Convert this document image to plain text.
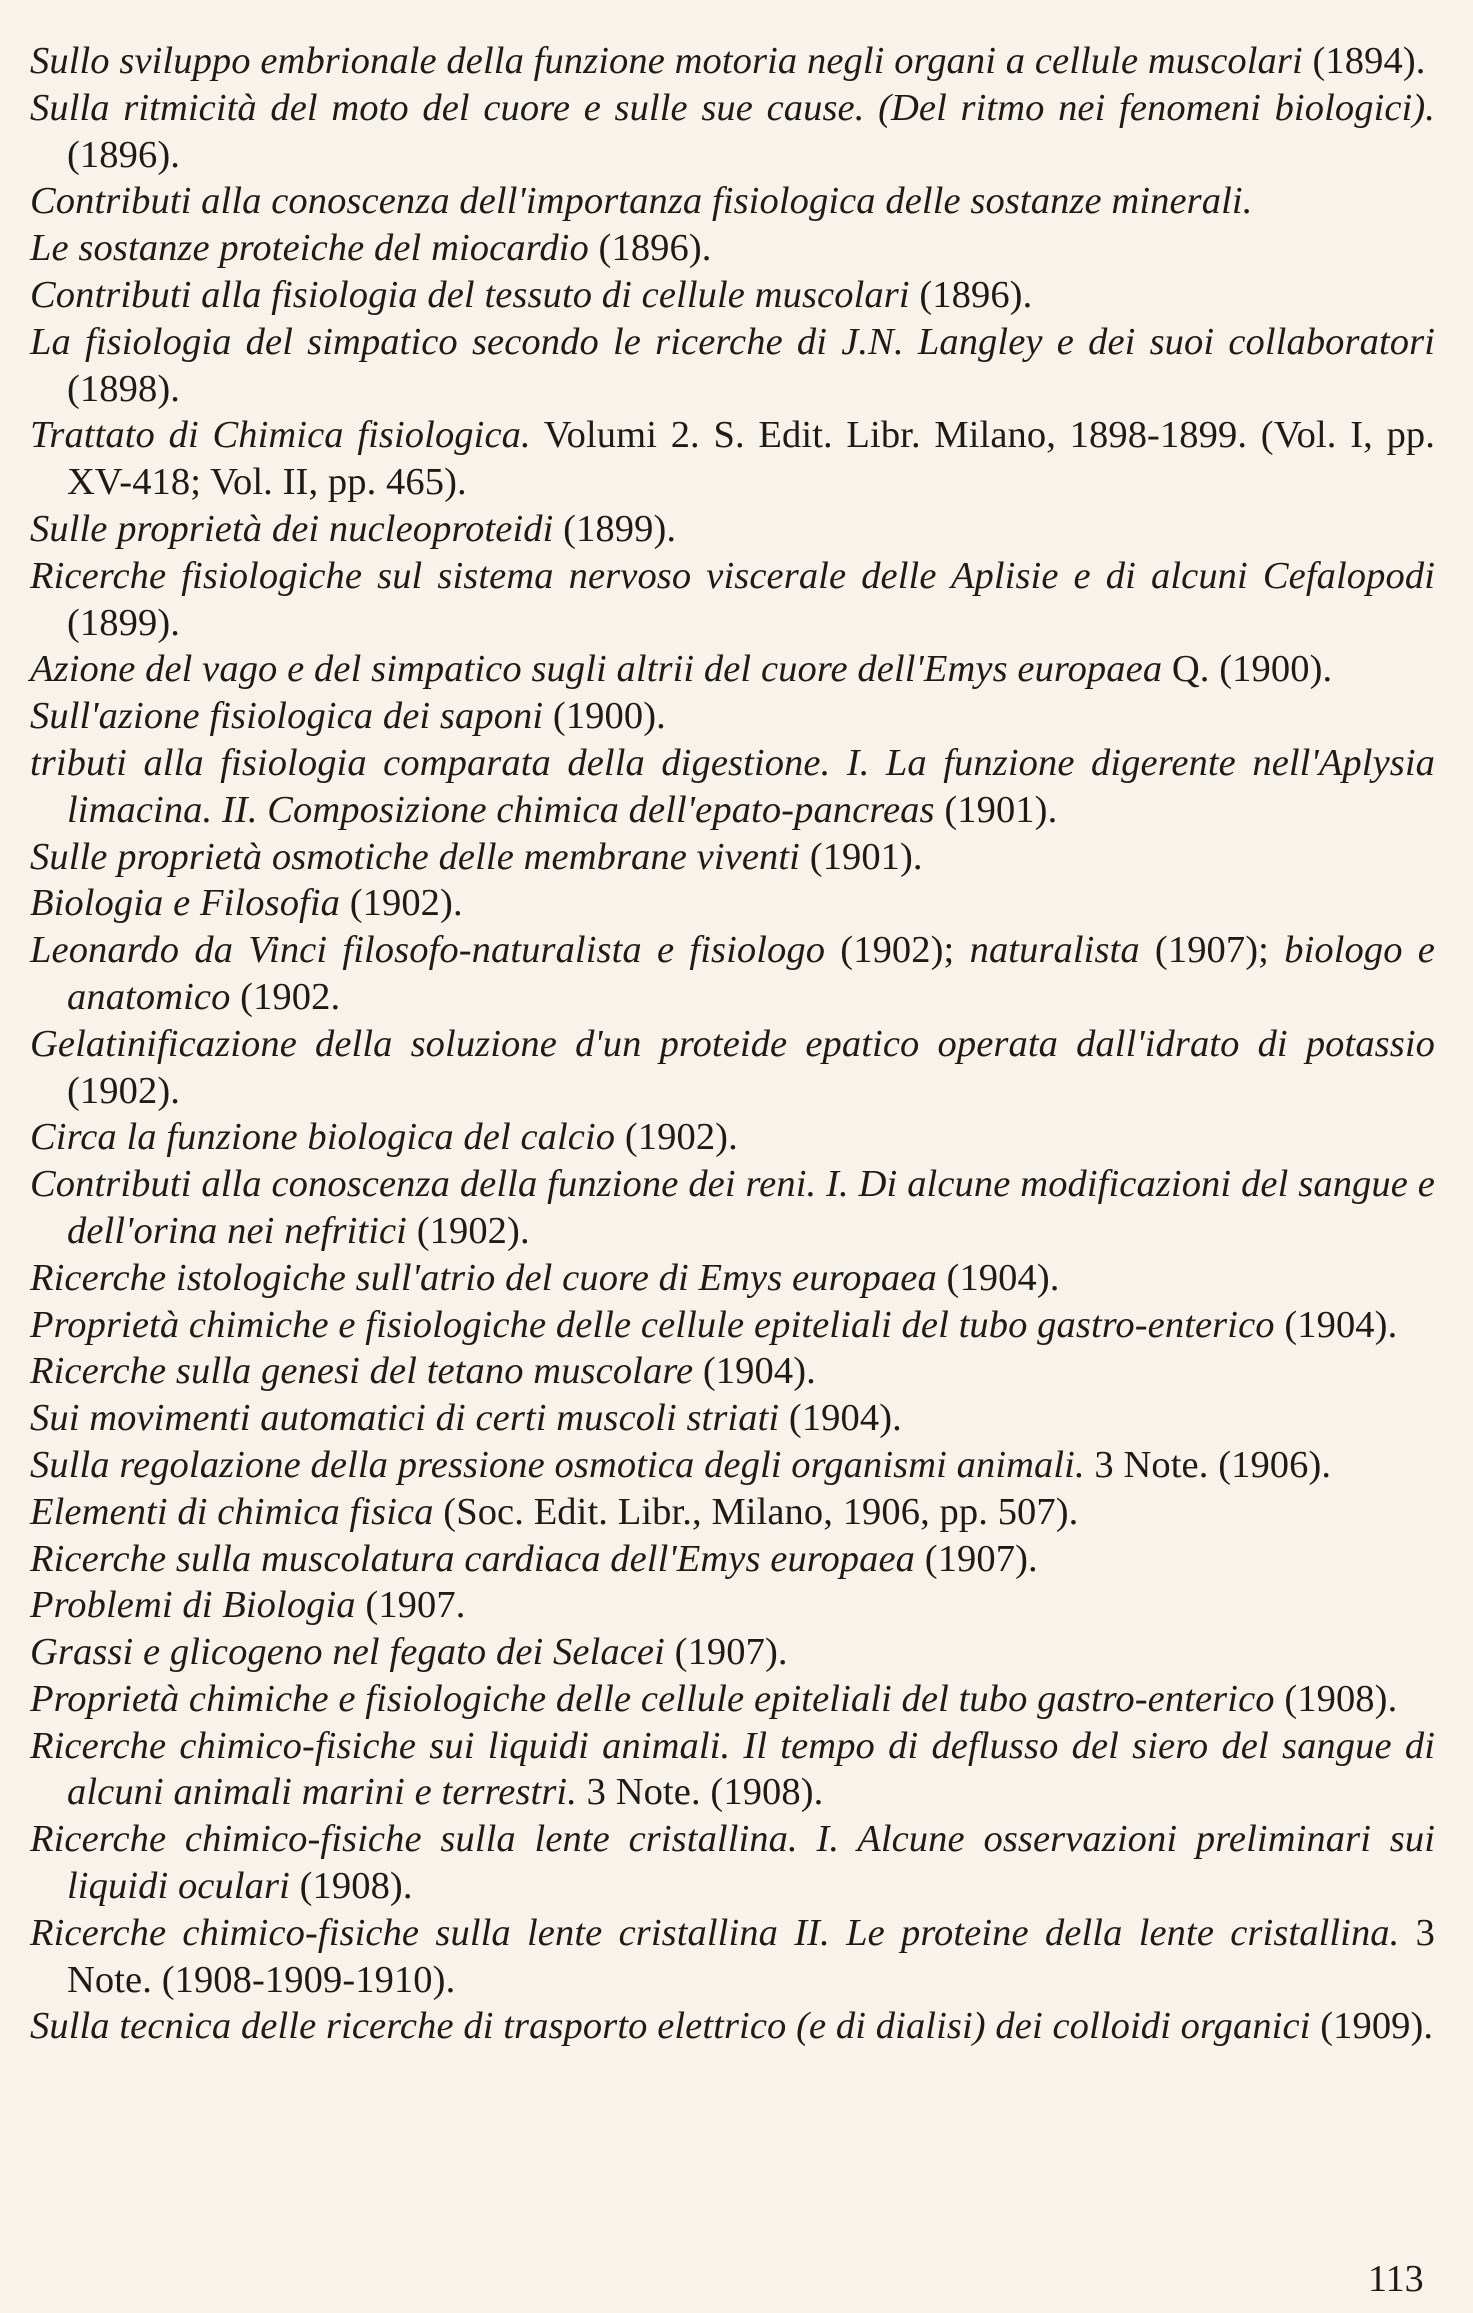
Sullo sviluppo embrionale della funzione motoria negli organi a cellule muscolari (1894).
Sulla ritmicità del moto del cuore e sulle sue cause. (Del ritmo nei fenomeni biologici). (1896).
Contributi alla conoscenza dell'importanza fisiologica delle sostanze minerali.
Le sostanze proteiche del miocardio (1896).
Contributi alla fisiologia del tessuto di cellule muscolari (1896).
La fisiologia del simpatico secondo le ricerche di J.N. Langley e dei suoi collaboratori (1898).
Trattato di Chimica fisiologica. Volumi 2. S. Edit. Libr. Milano, 1898-1899. (Vol. I, pp. XV-418; Vol. II, pp. 465).
Sulle proprietà dei nucleoproteidi (1899).
Ricerche fisiologiche sul sistema nervoso viscerale delle Aplisie e di alcuni Cefalopodi (1899).
Azione del vago e del simpatico sugli altrii del cuore dell'Emys europaea Q. (1900).
Sull'azione fisiologica dei saponi (1900).
tributi alla fisiologia comparata della digestione. I. La funzione digerente nell'Aplysia limacina. II. Composizione chimica dell'epato-pancreas (1901).
Sulle proprietà osmotiche delle membrane viventi (1901).
Biologia e Filosofia (1902).
Leonardo da Vinci filosofo-naturalista e fisiologo (1902); naturalista (1907); biologo e anatomico (1902.
Gelatinificazione della soluzione d'un proteide epatico operata dall'idrato di potassio (1902).
Circa la funzione biologica del calcio (1902).
Contributi alla conoscenza della funzione dei reni. I. Di alcune modificazioni del sangue e dell'orina nei nefritici (1902).
Ricerche istologiche sull'atrio del cuore di Emys europaea (1904).
Proprietà chimiche e fisiologiche delle cellule epiteliali del tubo gastro-enterico (1904).
Ricerche sulla genesi del tetano muscolare (1904).
Sui movimenti automatici di certi muscoli striati (1904).
Sulla regolazione della pressione osmotica degli organismi animali. 3 Note. (1906).
Elementi di chimica fisica (Soc. Edit. Libr., Milano, 1906, pp. 507).
Ricerche sulla muscolatura cardiaca dell'Emys europaea (1907).
Problemi di Biologia (1907.
Grassi e glicogeno nel fegato dei Selacei (1907).
Proprietà chimiche e fisiologiche delle cellule epiteliali del tubo gastro-enterico (1908).
Ricerche chimico-fisiche sui liquidi animali. Il tempo di deflusso del siero del sangue di alcuni animali marini e terrestri. 3 Note. (1908).
Ricerche chimico-fisiche sulla lente cristallina. I. Alcune osservazioni preliminari sui liquidi oculari (1908).
Ricerche chimico-fisiche sulla lente cristallina II. Le proteine della lente cristallina. 3 Note. (1908-1909-1910).
Sulla tecnica delle ricerche di trasporto elettrico (e di dialisi) dei colloidi organici (1909).
113
